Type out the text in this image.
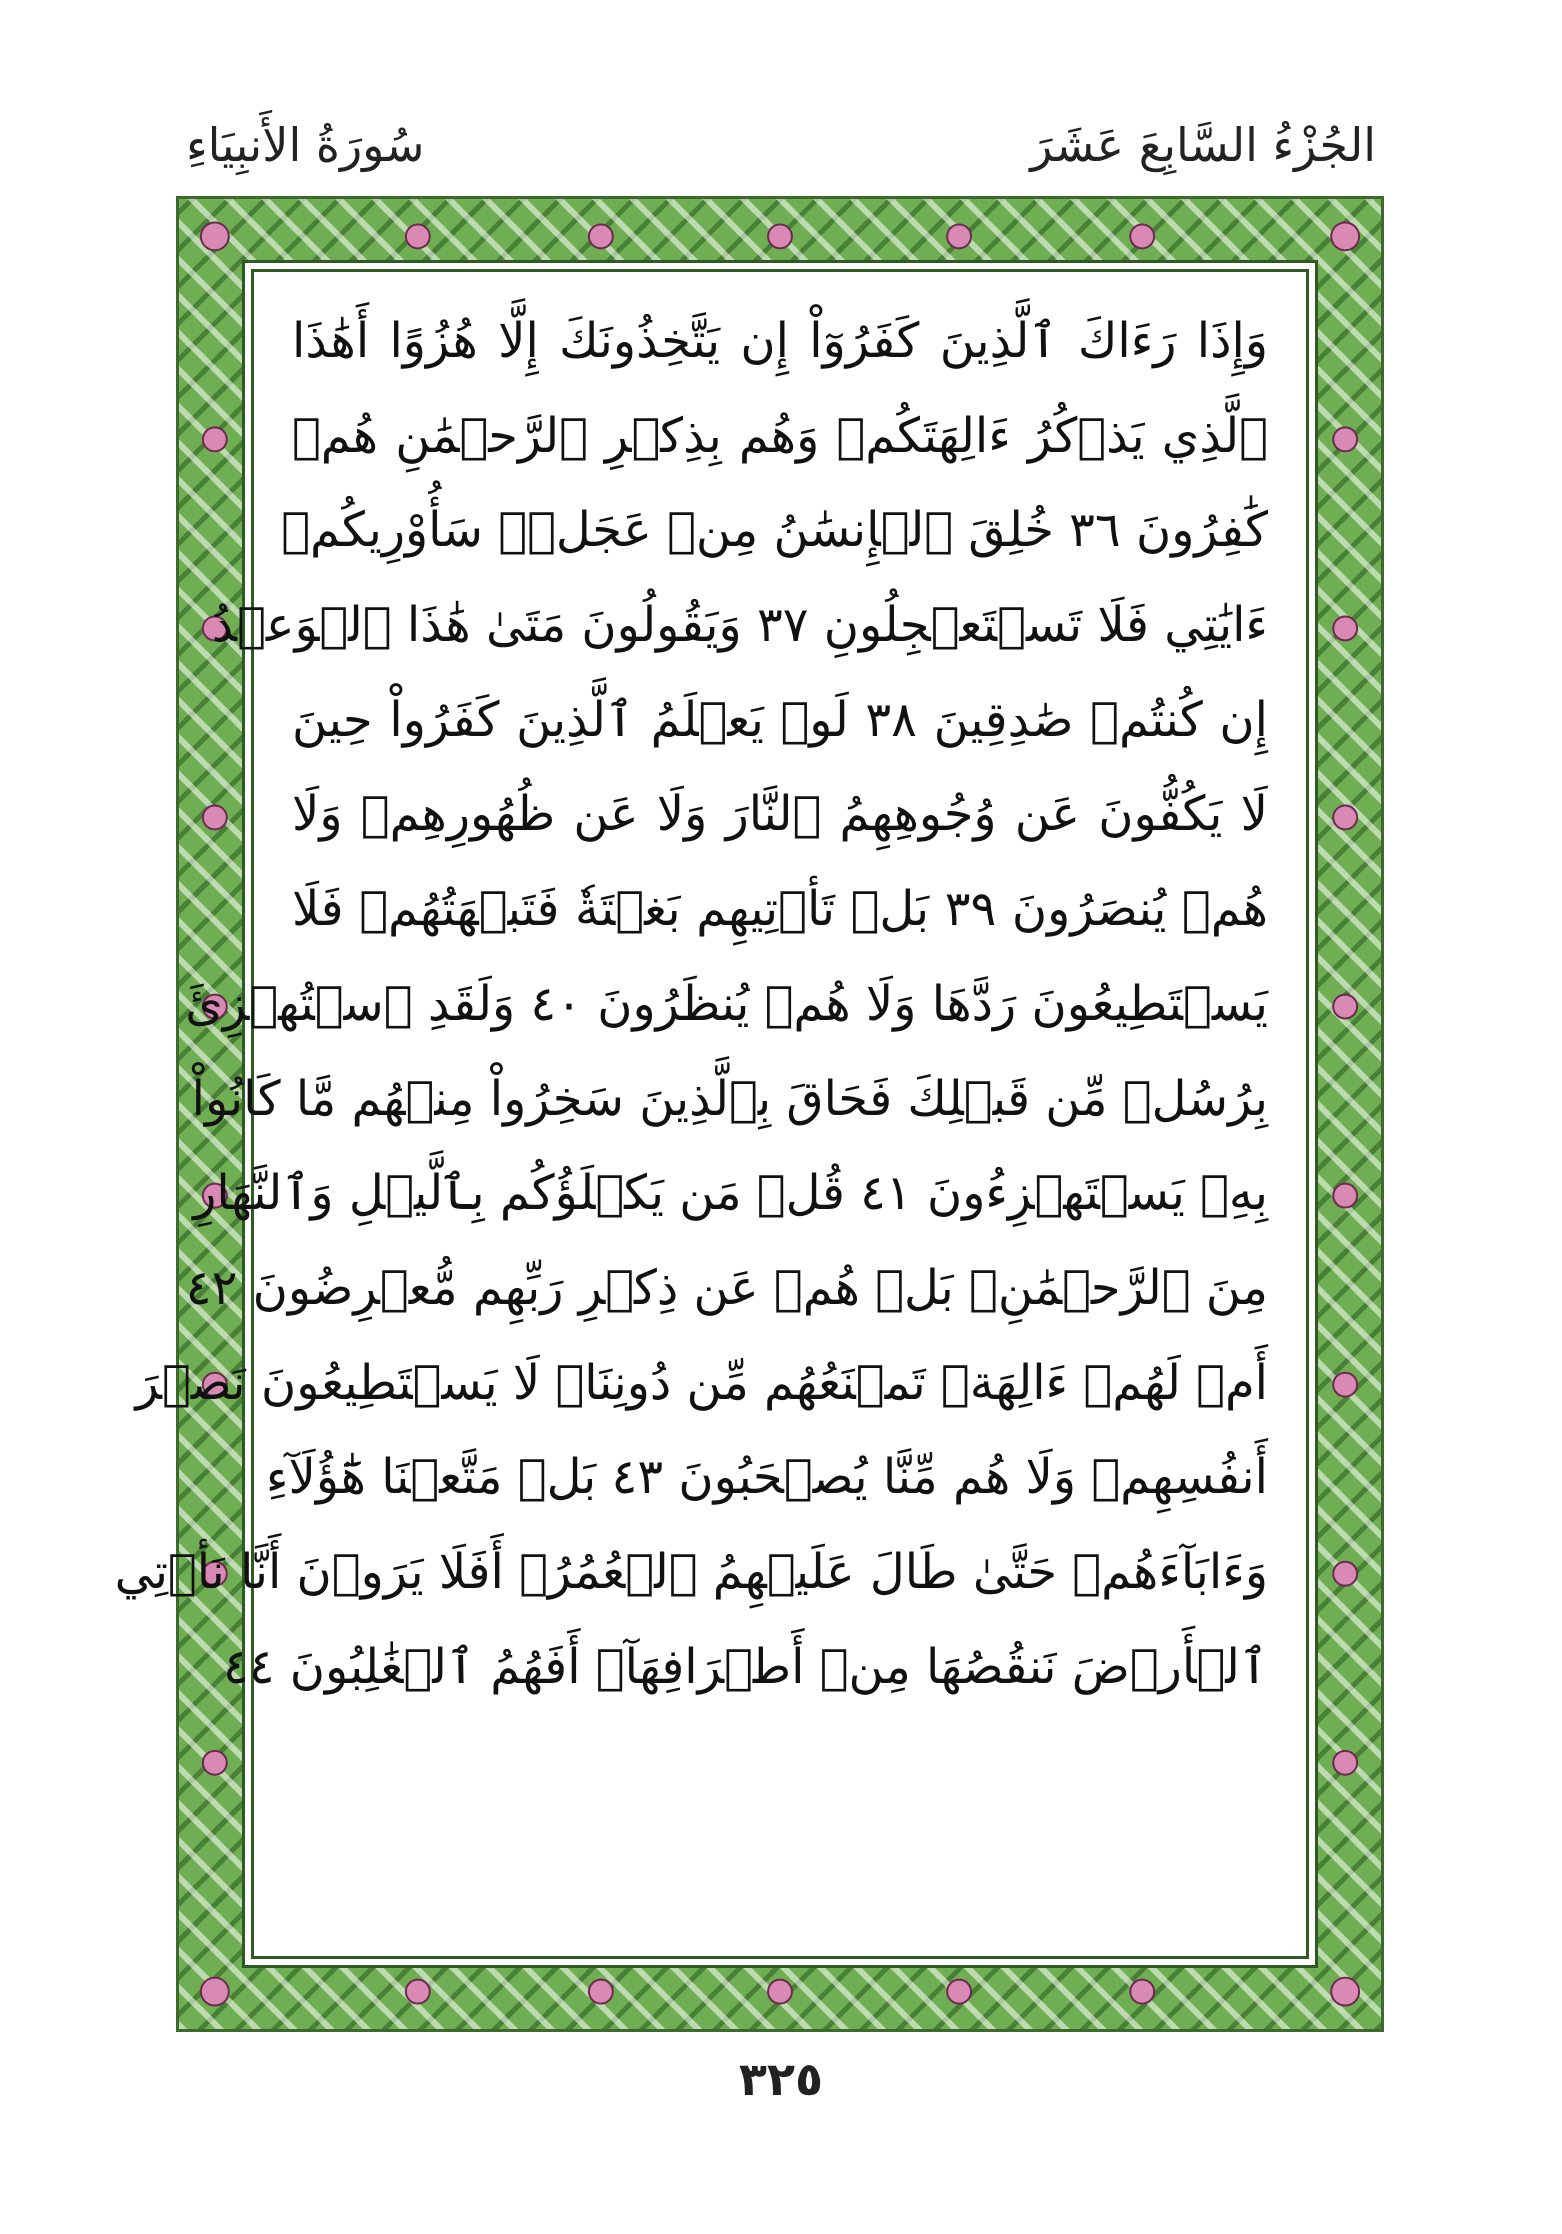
الجُزْءُ السَّابِعَ عَشَرَ
سُورَةُ الأَنبِيَاءِ
وَإِذَا رَءَاكَ ٱلَّذِينَ كَفَرُوٓاْ إِن يَتَّخِذُونَكَ إِلَّا هُزُوًا أَهَٰذَا
ٱلَّذِي يَذۡكُرُ ءَالِهَتَكُمۡ وَهُم بِذِكۡرِ ٱلرَّحۡمَٰنِ هُمۡ
كَٰفِرُونَ ٣٦ خُلِقَ ٱلۡإِنسَٰنُ مِنۡ عَجَلٖۚ سَأُوْرِيكُمۡ
ءَايَٰتِي فَلَا تَسۡتَعۡجِلُونِ ٣٧ وَيَقُولُونَ مَتَىٰ هَٰذَا ٱلۡوَعۡدُ
إِن كُنتُمۡ صَٰدِقِينَ ٣٨ لَوۡ يَعۡلَمُ ٱلَّذِينَ كَفَرُواْ حِينَ
لَا يَكُفُّونَ عَن وُجُوهِهِمُ ٱلنَّارَ وَلَا عَن ظُهُورِهِمۡ وَلَا
هُمۡ يُنصَرُونَ ٣٩ بَلۡ تَأۡتِيهِم بَغۡتَةٗ فَتَبۡهَتُهُمۡ فَلَا
يَسۡتَطِيعُونَ رَدَّهَا وَلَا هُمۡ يُنظَرُونَ ٤٠ وَلَقَدِ ٱسۡتُهۡزِئَ
بِرُسُلٖ مِّن قَبۡلِكَ فَحَاقَ بِٱلَّذِينَ سَخِرُواْ مِنۡهُم مَّا كَانُواْ
بِهِۦ يَسۡتَهۡزِءُونَ ٤١ قُلۡ مَن يَكۡلَؤُكُم بِٱلَّيۡلِ وَٱلنَّهَارِ
مِنَ ٱلرَّحۡمَٰنِۚ بَلۡ هُمۡ عَن ذِكۡرِ رَبِّهِم مُّعۡرِضُونَ ٤٢
أَمۡ لَهُمۡ ءَالِهَةٞ تَمۡنَعُهُم مِّن دُونِنَاۚ لَا يَسۡتَطِيعُونَ نَصۡرَ
أَنفُسِهِمۡ وَلَا هُم مِّنَّا يُصۡحَبُونَ ٤٣ بَلۡ مَتَّعۡنَا هَٰٓؤُلَآءِ
وَءَابَآءَهُمۡ حَتَّىٰ طَالَ عَلَيۡهِمُ ٱلۡعُمُرُۗ أَفَلَا يَرَوۡنَ أَنَّا نَأۡتِي
ٱلۡأَرۡضَ نَنقُصُهَا مِنۡ أَطۡرَافِهَآۚ أَفَهُمُ ٱلۡغَٰلِبُونَ ٤٤
٣٢٥
